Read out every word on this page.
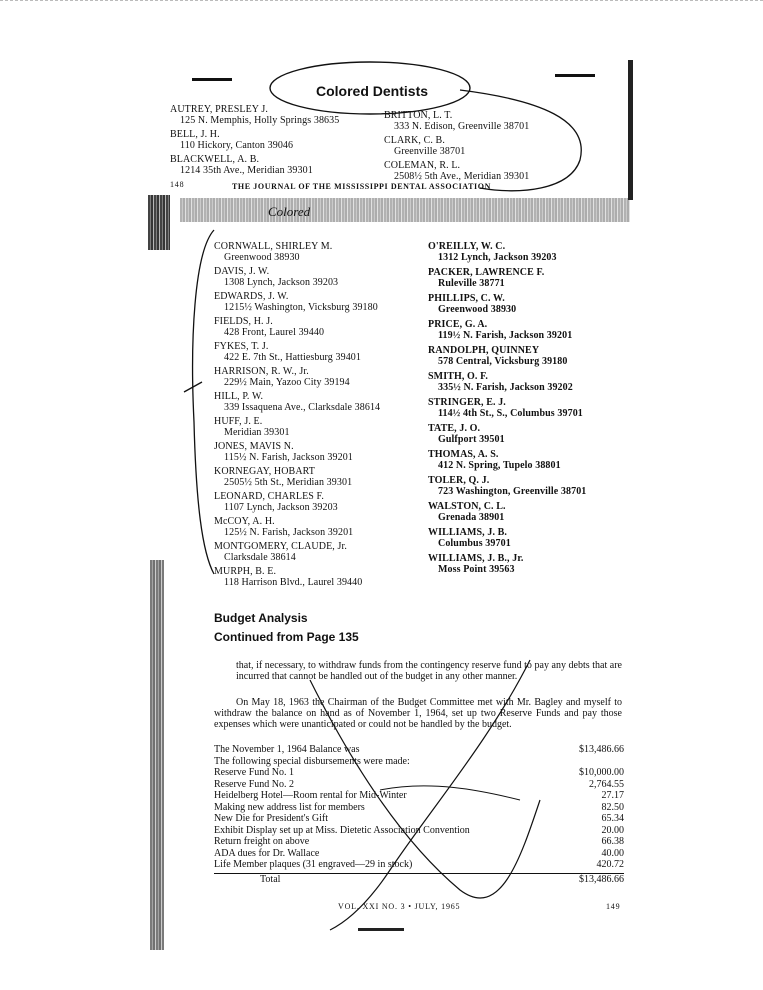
Colored Dentists
AUTREY, PRESLEY J.
125 N. Memphis, Holly Springs 38635
BELL, J. H.
110 Hickory, Canton 39046
BLACKWELL, A. B.
1214 35th Ave., Meridian 39301
BRITTON, L. T.
333 N. Edison, Greenville 38701
CLARK, C. B.
Greenville 38701
COLEMAN, R. L.
2508½ 5th Ave., Meridian 39301
148	THE JOURNAL OF THE MISSISSIPPI DENTAL ASSOCIATION
Colored
CORNWALL, SHIRLEY M.
Greenwood 38930
DAVIS, J. W.
1308 Lynch, Jackson 39203
EDWARDS, J. W.
1215½ Washington, Vicksburg 39180
FIELDS, H. J.
428 Front, Laurel 39440
FYKES, T. J.
422 E. 7th St., Hattiesburg 39401
HARRISON, R. W., Jr.
229½ Main, Yazoo City 39194
HILL, P. W.
339 Issaquena Ave., Clarksdale 38614
HUFF, J. E.
Meridian 39301
JONES, MAVIS N.
115½ N. Farish, Jackson 39201
KORNEGAY, HOBART
2505½ 5th St., Meridian 39301
LEONARD, CHARLES F.
1107 Lynch, Jackson 39203
McCOY, A. H.
125½ N. Farish, Jackson 39201
MONTGOMERY, CLAUDE, Jr.
Clarksdale 38614
MURPH, B. E.
118 Harrison Blvd., Laurel 39440
O'REILLY, W. C.
1312 Lynch, Jackson 39203
PACKER, LAWRENCE F.
Ruleville 38771
PHILLIPS, C. W.
Greenwood 38930
PRICE, G. A.
119½ N. Farish, Jackson 39201
RANDOLPH, QUINNEY
578 Central, Vicksburg 39180
SMITH, O. F.
335½ N. Farish, Jackson 39202
STRINGER, E. J.
114½ 4th St., S., Columbus 39701
TATE, J. O.
Gulfport 39501
THOMAS, A. S.
412 N. Spring, Tupelo 38801
TOLER, Q. J.
723 Washington, Greenville 38701
WALSTON, C. L.
Grenada 38901
WILLIAMS, J. B.
Columbus 39701
WILLIAMS, J. B., Jr.
Moss Point 39563
Budget Analysis
Continued from Page 135
that, if necessary, to withdraw funds from the contingency reserve fund to pay any debts that are incurred that cannot be handled out of the budget in any other manner.
On May 18, 1963 the Chairman of the Budget Committee met with Mr. Bagley and myself to withdraw the balance on hand as of November 1, 1964, set up two Reserve Funds and pay those expenses which were unanticipated or could not be handled by the budget.
The November 1, 1964 Balance was	$13,486.66
The following special disbursements were made:
Reserve Fund No. 1	$10,000.00
Reserve Fund No. 2	2,764.55
Heidelberg Hotel—Room rental for Mid-Winter	27.17
Making new address list for members	82.50
New Die for President's Gift	65.34
Exhibit Display set up at Miss. Dietetic Association Convention	20.00
Return freight on above	66.38
ADA dues for Dr. Wallace	40.00
Life Member plaques (31 engraved—29 in stock)	420.72
Total	$13,486.66
VOL. XXI NO. 3 • JULY, 1965	149
